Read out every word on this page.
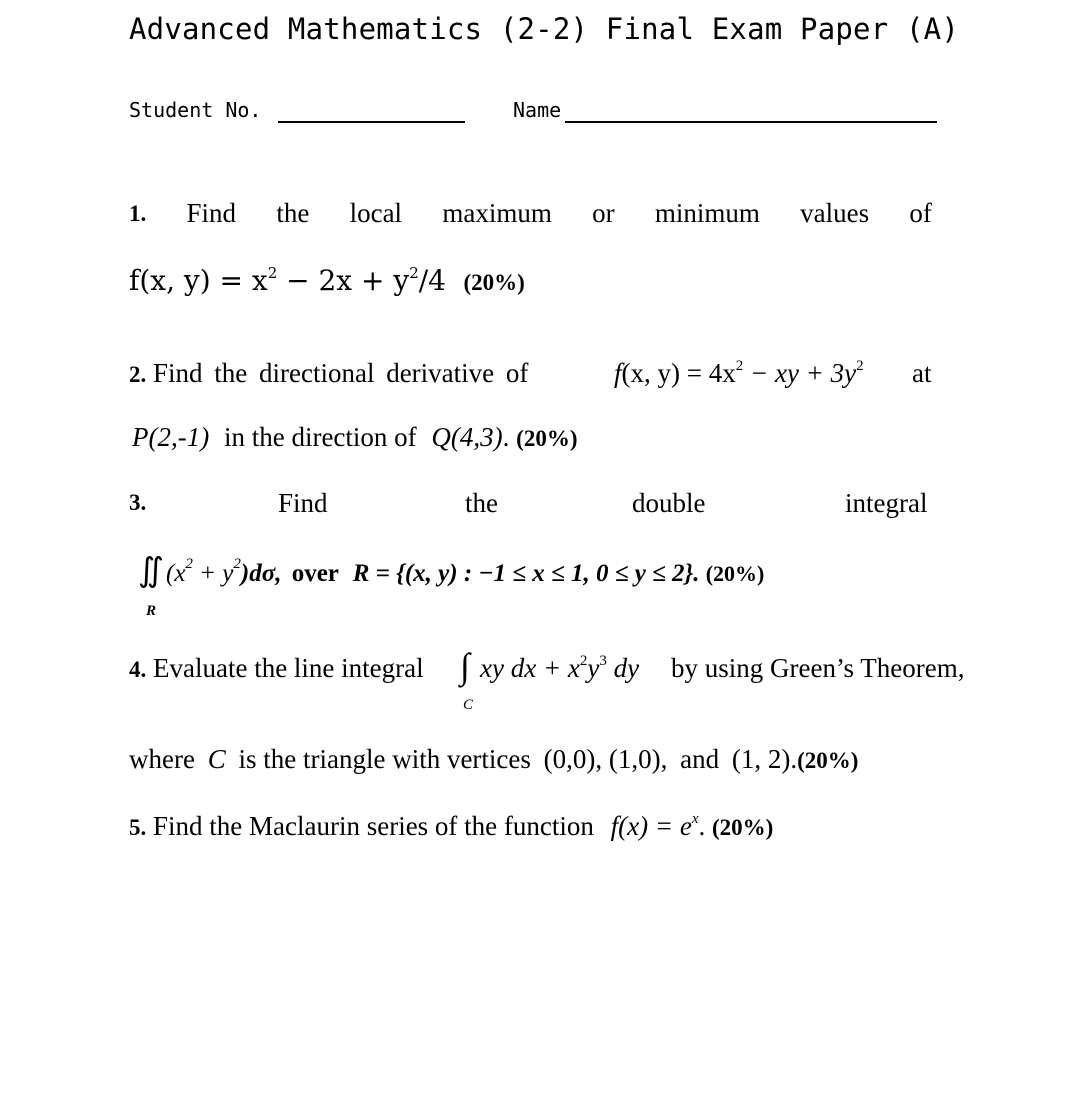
Advanced Mathematics (2-2) Final Exam Paper (A)
Student No.	Name
1. Find the local maximum or minimum values of
f(x, $y) = x^2 - 2x + y^2/4$ (20%)
2. Find the directional derivative of	f(x, $y) = 4x^2$ − xy + $3y^2$	at
P(2,-1) in the direction of Q(4,3). (20%)
3.	Find	the	double	integral
∬
R
$(x^2 + y^2)d\sigma$, over R = {(x, y) : −1 ≤ x ≤ 1, 0 ≤ y ≤ 2}. (20%)
4. Evaluate the line integral ∫
C
xy dx + $x^2y^3$ dy by using Green’s Theorem,
where C is the triangle with vertices (0,0), (1,0), and (1, 2).(20%)
5. Find the Maclaurin series of the function $f(x) = e^x$. (20%)
